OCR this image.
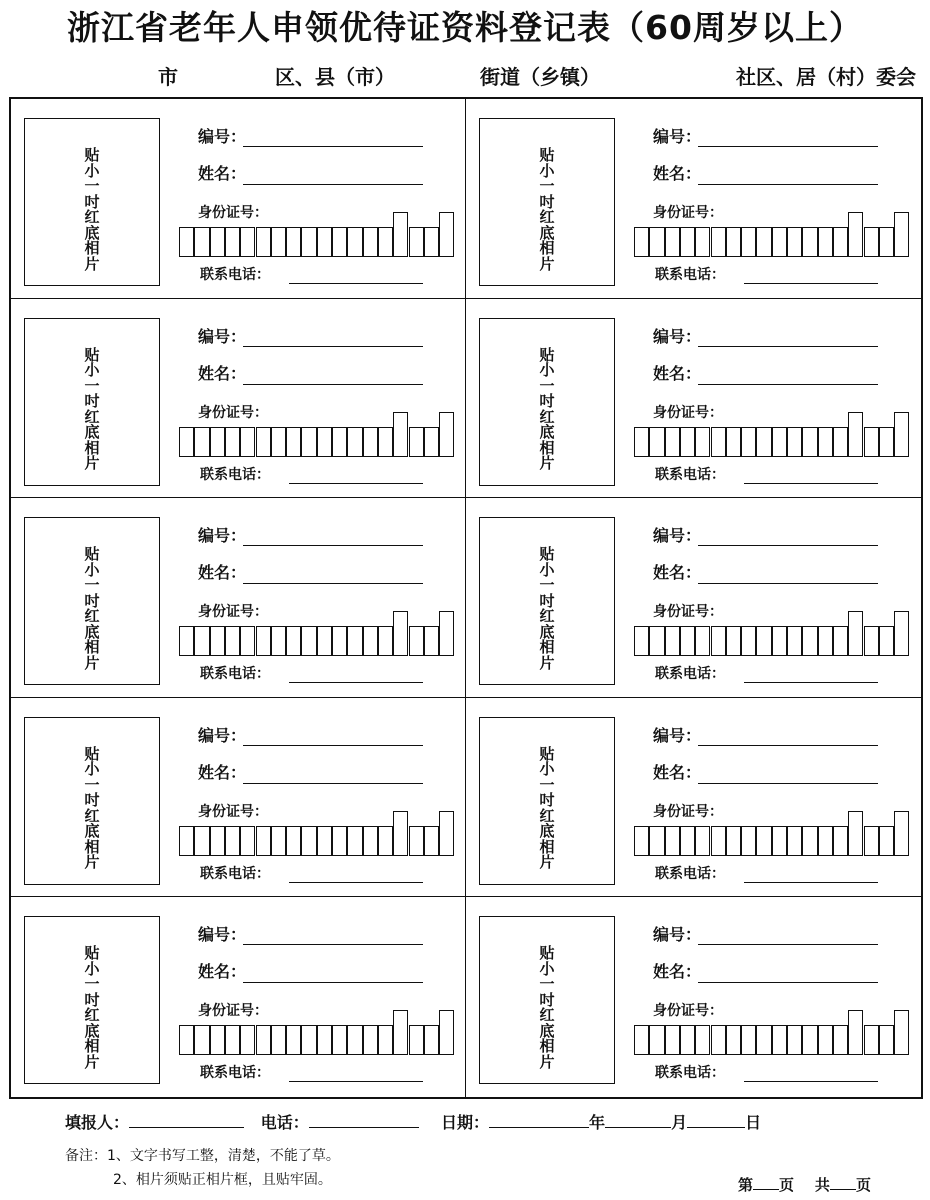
浙江省老年人申领优待证资料登记表（60周岁以上）
市	区、县（市）	街道（乡镇）	社区、居（村）委会
贴小一吋红底相片
编号：
姓名：
身份证号：
联系电话：
贴小一吋红底相片
编号：
姓名：
身份证号：
联系电话：
贴小一吋红底相片
编号：
姓名：
身份证号：
联系电话：
贴小一吋红底相片
编号：
姓名：
身份证号：
联系电话：
贴小一吋红底相片
编号：
姓名：
身份证号：
联系电话：
贴小一吋红底相片
编号：
姓名：
身份证号：
联系电话：
贴小一吋红底相片
编号：
姓名：
身份证号：
联系电话：
贴小一吋红底相片
编号：
姓名：
身份证号：
联系电话：
贴小一吋红底相片
编号：
姓名：
身份证号：
联系电话：
贴小一吋红底相片
编号：
姓名：
身份证号：
联系电话：
填报人：	电话：	日期：	年	月	日
备注：1、文字书写工整，清楚，不能了草。
2、相片须贴正相片框，且贴牢固。	第 页 共 页
